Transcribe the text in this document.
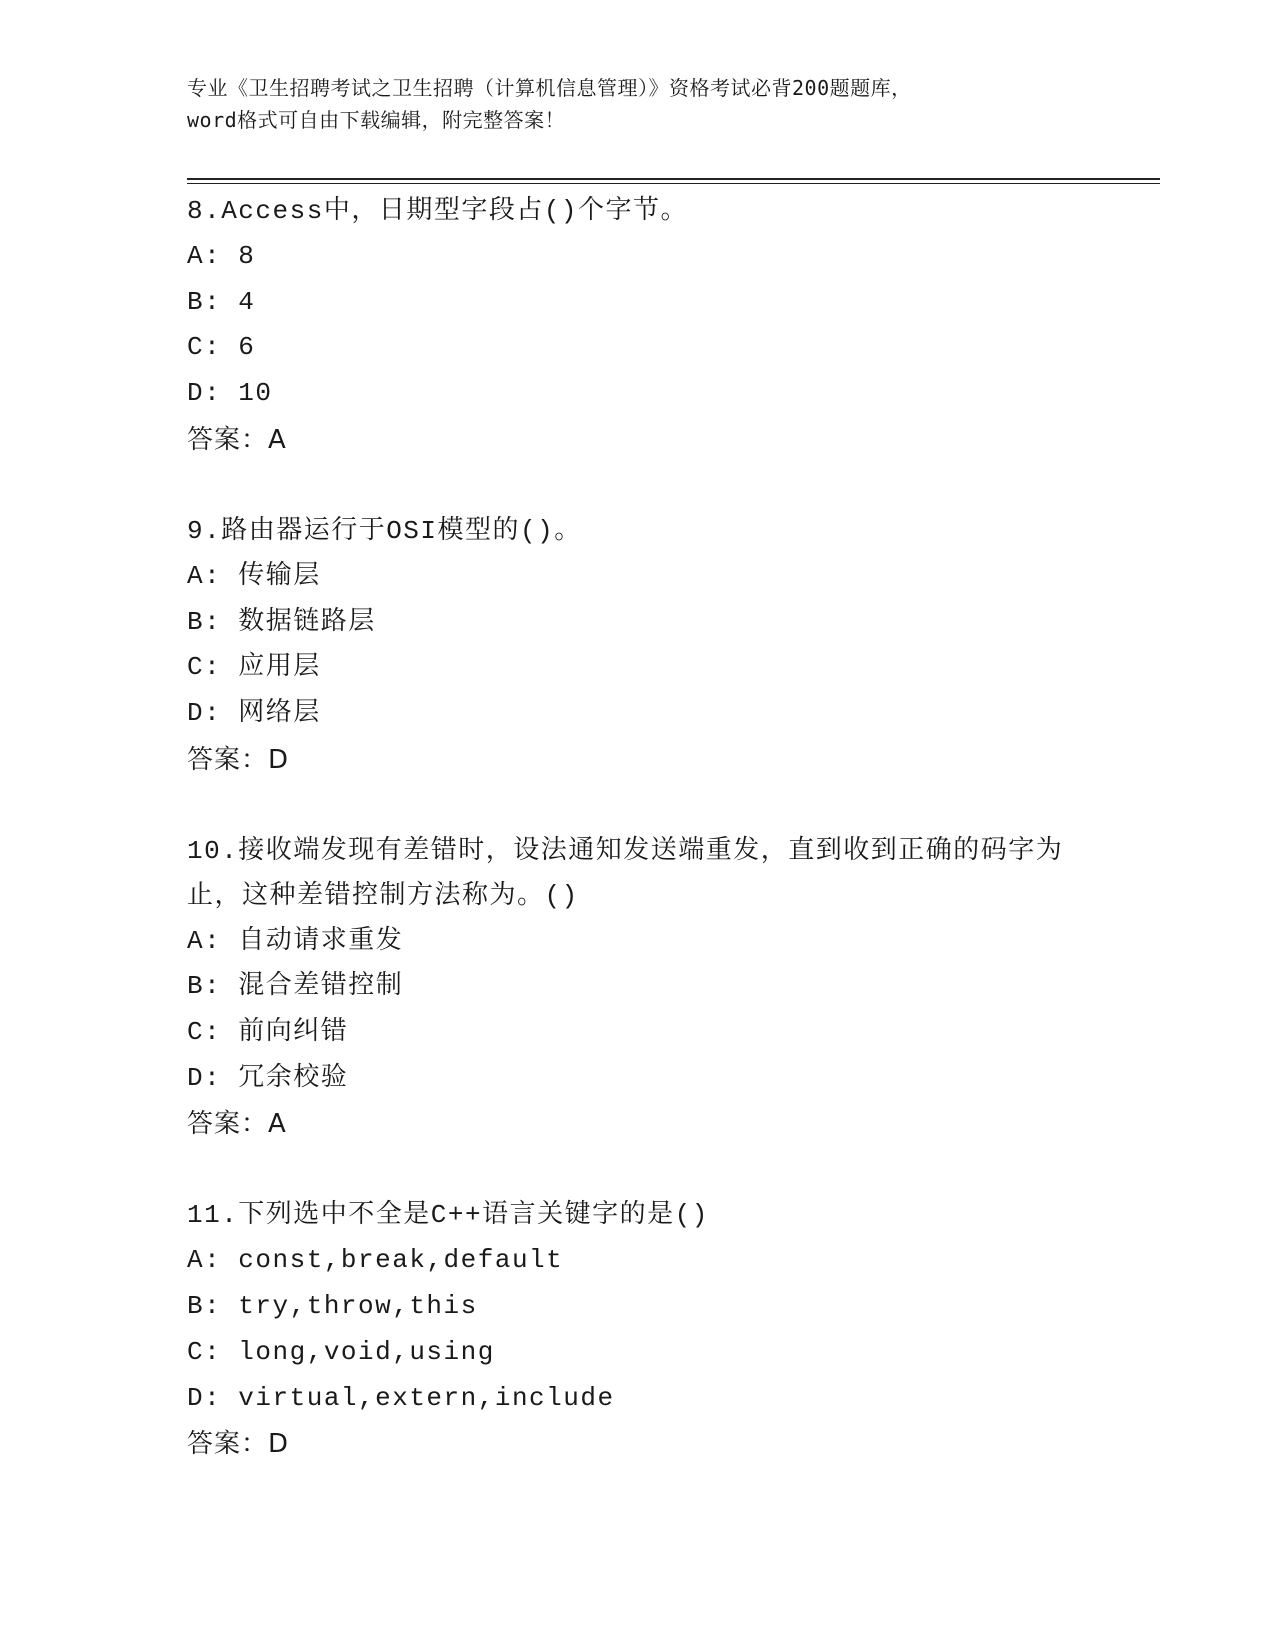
专业《卫生招聘考试之卫生招聘（计算机信息管理）》资格考试必背200题题库，
word格式可自由下载编辑，附完整答案！
8.Access中，日期型字段占()个字节。
A: 8
B: 4
C: 6
D: 10
答案：A
9.路由器运行于OSI模型的()。
A: 传输层
B: 数据链路层
C: 应用层
D: 网络层
答案：D
10.接收端发现有差错时，设法通知发送端重发，直到收到正确的码字为止，这种差错控制方法称为。()
A: 自动请求重发
B: 混合差错控制
C: 前向纠错
D: 冗余校验
答案：A
11.下列选中不全是C++语言关键字的是()
A: const,break,default
B: try,throw,this
C: long,void,using
D: virtual,extern,include
答案：D
